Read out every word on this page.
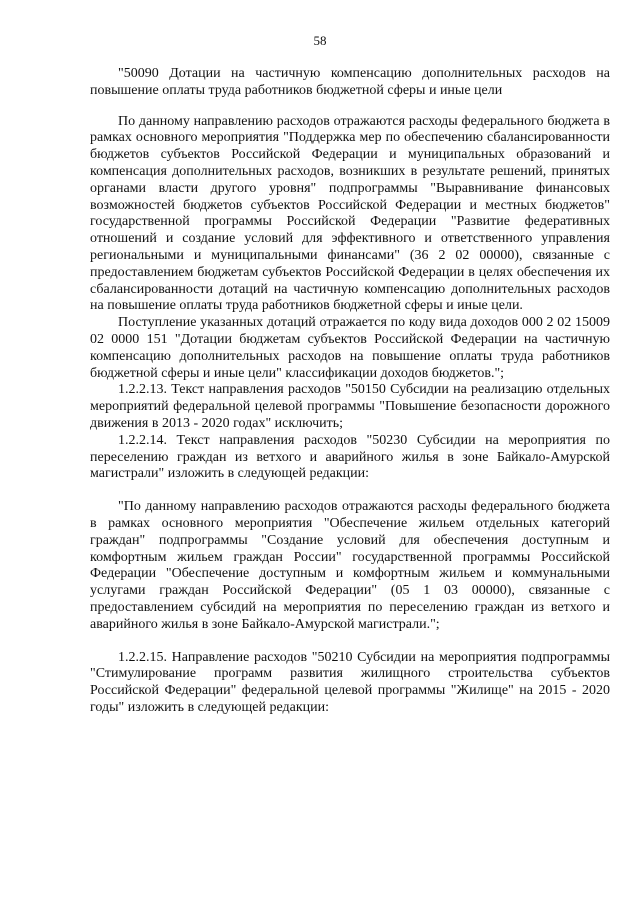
58

"50090 Дотации на частичную компенсацию дополнительных расходов на повышение оплаты труда работников бюджетной сферы и иные цели

По данному направлению расходов отражаются расходы федерального бюджета в рамках основного мероприятия "Поддержка мер по обеспечению сбалансированности бюджетов субъектов Российской Федерации и муниципальных образований и компенсация дополнительных расходов, возникших в результате решений, принятых органами власти другого уровня" подпрограммы "Выравнивание финансовых возможностей бюджетов субъектов Российской Федерации и местных бюджетов" государственной программы Российской Федерации "Развитие федеративных отношений и создание условий для эффективного и ответственного управления региональными и муниципальными финансами" (36 2 02 00000), связанные с предоставлением бюджетам субъектов Российской Федерации в целях обеспечения их сбалансированности дотаций на частичную компенсацию дополнительных расходов на повышение оплаты труда работников бюджетной сферы и иные цели.

Поступление указанных дотаций отражается по коду вида доходов 000 2 02 15009 02 0000 151 "Дотации бюджетам субъектов Российской Федерации на частичную компенсацию дополнительных расходов на повышение оплаты труда работников бюджетной сферы и иные цели" классификации доходов бюджетов.";

1.2.2.13. Текст направления расходов "50150 Субсидии на реализацию отдельных мероприятий федеральной целевой программы "Повышение безопасности дорожного движения в 2013 - 2020 годах" исключить;

1.2.2.14. Текст направления расходов "50230 Субсидии на мероприятия по переселению граждан из ветхого и аварийного жилья в зоне Байкало-Амурской магистрали" изложить в следующей редакции:

"По данному направлению расходов отражаются расходы федерального бюджета в рамках основного мероприятия "Обеспечение жильем отдельных категорий граждан" подпрограммы "Создание условий для обеспечения доступным и комфортным жильем граждан России" государственной программы Российской Федерации "Обеспечение доступным и комфортным жильем и коммунальными услугами граждан Российской Федерации" (05 1 03 00000), связанные с предоставлением субсидий на мероприятия по переселению граждан из ветхого и аварийного жилья в зоне Байкало-Амурской магистрали.";

1.2.2.15. Направление расходов "50210 Субсидии на мероприятия подпрограммы "Стимулирование программ развития жилищного строительства субъектов Российской Федерации" федеральной целевой программы "Жилище" на 2015 - 2020 годы" изложить в следующей редакции:
